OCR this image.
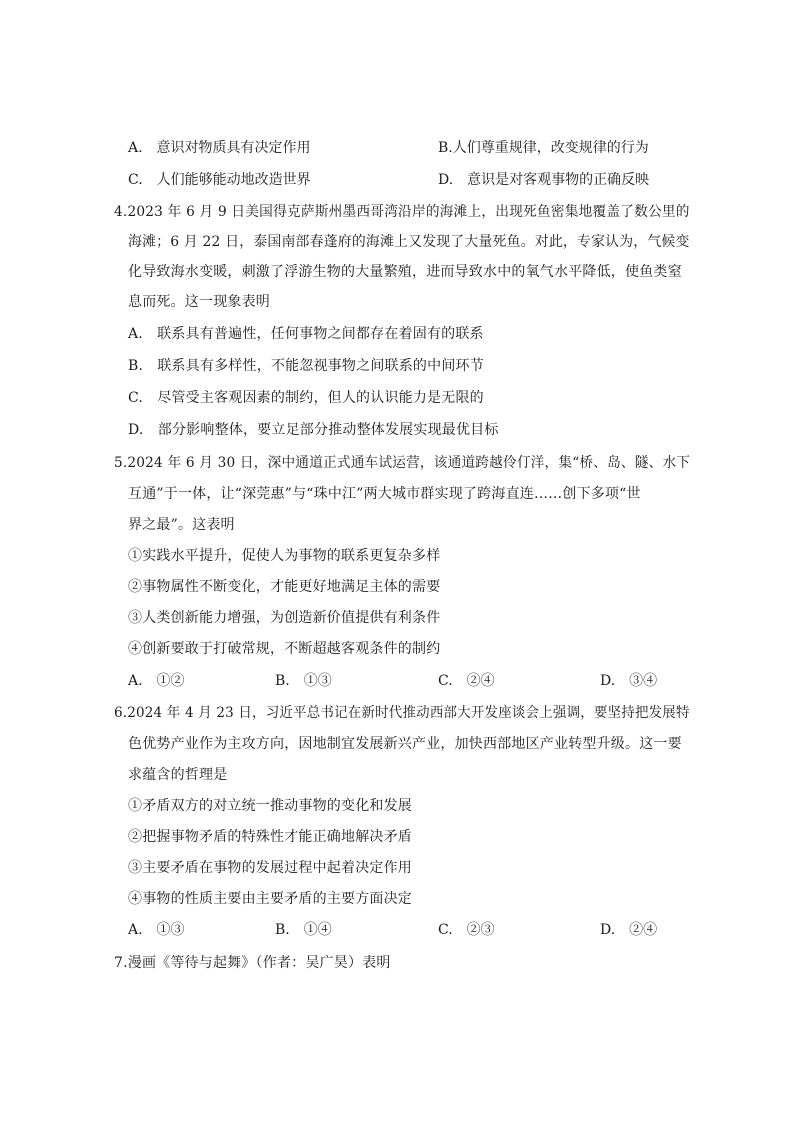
A.　意识对物质具有决定作用	B.人们尊重规律，改变规律的行为
C.　人们能够能动地改造世界	D.　意识是对客观事物的正确反映
4.2023 年 6 月 9 日美国得克萨斯州墨西哥湾沿岸的海滩上，出现死鱼密集地覆盖了数公里的
海滩；6 月 22 日，泰国南部春蓬府的海滩上又发现了大量死鱼。对此，专家认为，气候变
化导致海水变暖，刺激了浮游生物的大量繁殖，进而导致水中的氧气水平降低，使鱼类窒
息而死。这一现象表明
A.　联系具有普遍性，任何事物之间都存在着固有的联系
B.　联系具有多样性，不能忽视事物之间联系的中间环节
C.　尽管受主客观因素的制约，但人的认识能力是无限的
D.　部分影响整体，要立足部分推动整体发展实现最优目标
5.2024 年 6 月 30 日，深中通道正式通车试运营，该通道跨越伶仃洋，集“桥、岛、隧、水下
互通”于一体，让“深莞惠”与“珠中江”两大城市群实现了跨海直连……创下多项“世
界之最”。这表明
①实践水平提升，促使人为事物的联系更复杂多样
②事物属性不断变化，才能更好地满足主体的需要
③人类创新能力增强，为创造新价值提供有利条件
④创新要敢于打破常规，不断超越客观条件的制约
A.　①②	B.　①③	C.　②④	D.　③④
6.2024 年 4 月 23 日，习近平总书记在新时代推动西部大开发座谈会上强调，要坚持把发展特
色优势产业作为主攻方向，因地制宜发展新兴产业，加快西部地区产业转型升级。这一要
求蕴含的哲理是
①矛盾双方的对立统一推动事物的变化和发展
②把握事物矛盾的特殊性才能正确地解决矛盾
③主要矛盾在事物的发展过程中起着决定作用
④事物的性质主要由主要矛盾的主要方面决定
A.　①③	B.　①④	C.　②③	D.　②④
7.漫画《等待与起舞》（作者：吴广昊）表明
